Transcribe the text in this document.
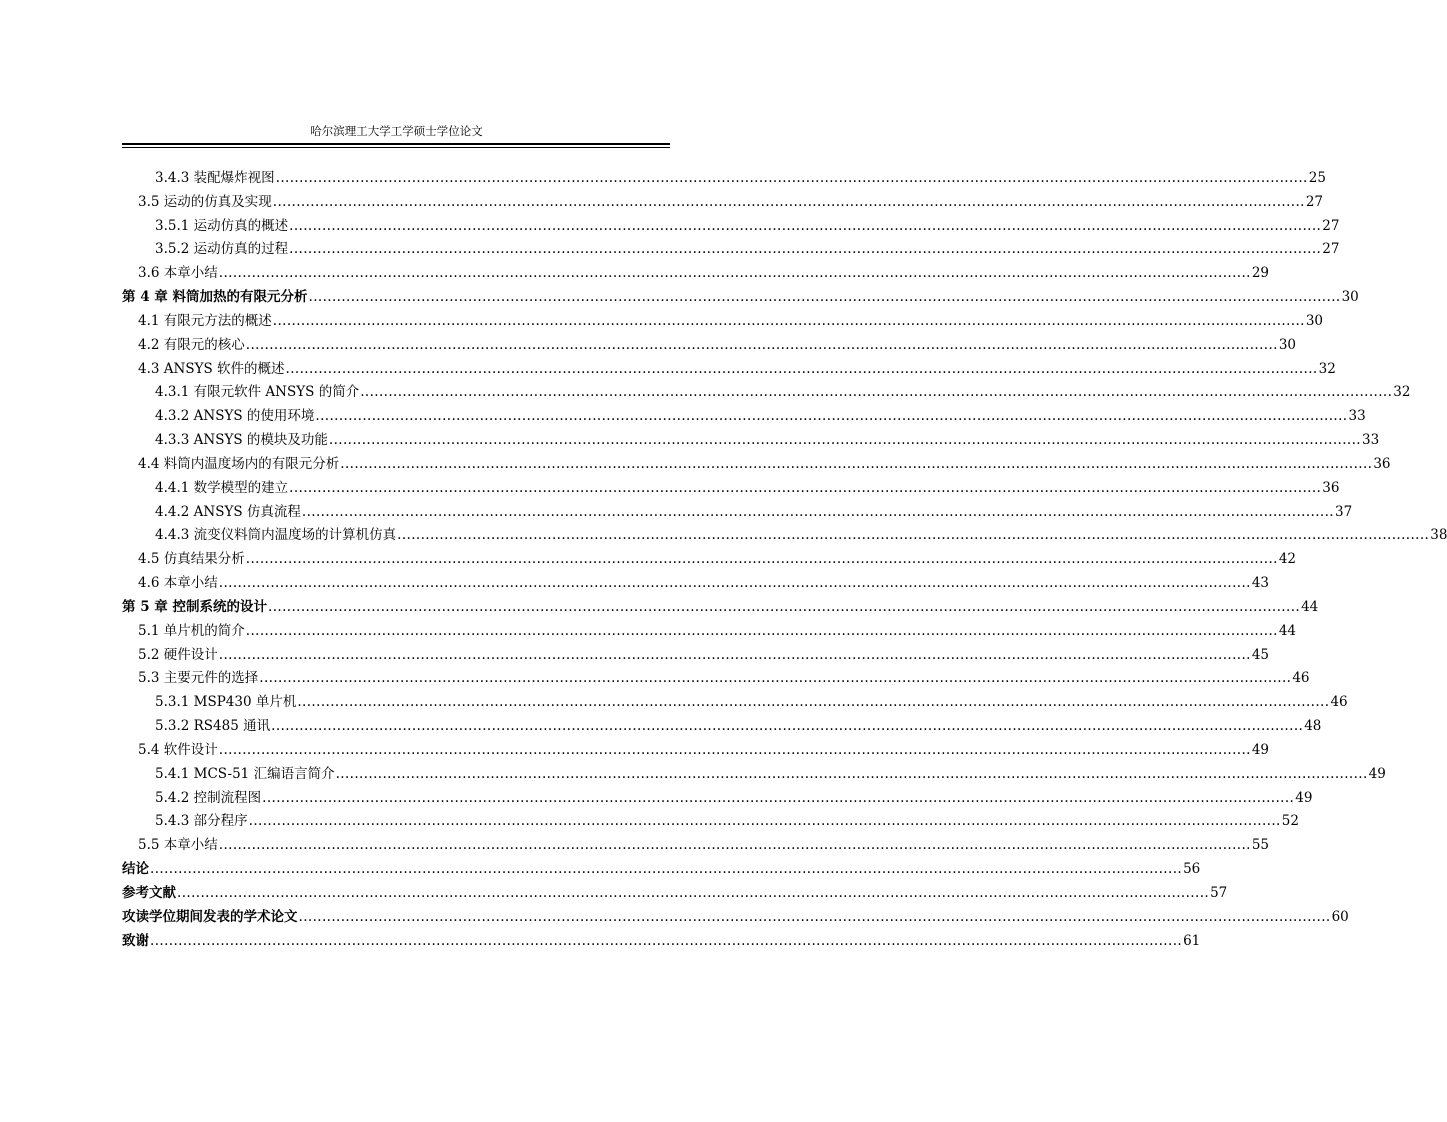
哈尔滨理工大学工学硕士学位论文
3.4.3 装配爆炸视图 ............................................................................................................................................................................................................................ 25
3.5 运动的仿真及实现 ............................................................................................................................................................................................................................ 27
3.5.1 运动仿真的概述 ............................................................................................................................................................................................................................ 27
3.5.2 运动仿真的过程 ............................................................................................................................................................................................................................ 27
3.6 本章小结 ............................................................................................................................................................................................................................ 29
第 4 章 料筒加热的有限元分析 ............................................................................................................................................................................................................................ 30
4.1 有限元方法的概述 ............................................................................................................................................................................................................................ 30
4.2 有限元的核心 ............................................................................................................................................................................................................................ 30
4.3 ANSYS 软件的概述 ............................................................................................................................................................................................................................ 32
4.3.1 有限元软件 ANSYS 的简介 ............................................................................................................................................................................................................................ 32
4.3.2 ANSYS 的使用环境 ............................................................................................................................................................................................................................ 33
4.3.3 ANSYS 的模块及功能 ............................................................................................................................................................................................................................ 33
4.4 料筒内温度场内的有限元分析 ............................................................................................................................................................................................................................ 36
4.4.1 数学模型的建立 ............................................................................................................................................................................................................................ 36
4.4.2 ANSYS 仿真流程 ............................................................................................................................................................................................................................ 37
4.4.3 流变仪料筒内温度场的计算机仿真 ............................................................................................................................................................................................................................ 38
4.5 仿真结果分析 ............................................................................................................................................................................................................................ 42
4.6 本章小结 ............................................................................................................................................................................................................................ 43
第 5 章 控制系统的设计 ............................................................................................................................................................................................................................ 44
5.1 单片机的简介 ............................................................................................................................................................................................................................ 44
5.2 硬件设计 ............................................................................................................................................................................................................................ 45
5.3 主要元件的选择 ............................................................................................................................................................................................................................ 46
5.3.1 MSP430 单片机 ............................................................................................................................................................................................................................ 46
5.3.2 RS485 通讯 ............................................................................................................................................................................................................................ 48
5.4 软件设计 ............................................................................................................................................................................................................................ 49
5.4.1 MCS-51 汇编语言简介 ............................................................................................................................................................................................................................ 49
5.4.2 控制流程图 ............................................................................................................................................................................................................................ 49
5.4.3 部分程序 ............................................................................................................................................................................................................................ 52
5.5 本章小结 ............................................................................................................................................................................................................................ 55
结论 ............................................................................................................................................................................................................................ 56
参考文献 ............................................................................................................................................................................................................................ 57
攻读学位期间发表的学术论文 ............................................................................................................................................................................................................................ 60
致谢 ............................................................................................................................................................................................................................ 61
